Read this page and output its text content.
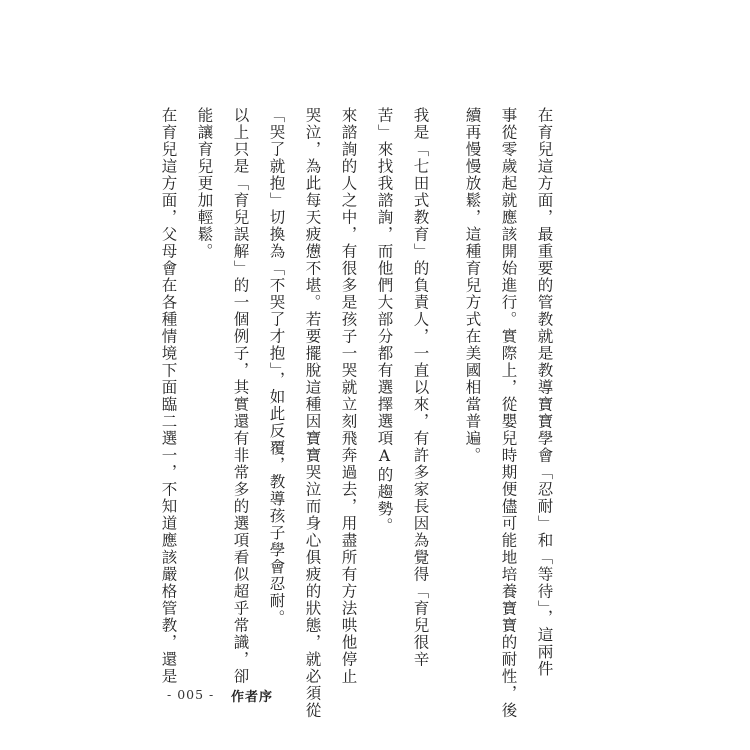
在育兒這方面，最重要的管教就是教導寶寶學會「忍耐」和「等待」，這兩件

事從零歲起就應該開始進行。實際上，從嬰兒時期便儘可能地培養寶寶的耐性，後

續再慢慢放鬆，這種育兒方式在美國相當普遍。

我是「七田式教育」的負責人，一直以來，有許多家長因為覺得「育兒很辛

苦」來找我諮詢，而他們大部分都有選擇選項A的趨勢。

來諮詢的人之中，有很多是孩子一哭就立刻飛奔過去，用盡所有方法哄他停止

哭泣，為此每天疲憊不堪。若要擺脫這種因寶寶哭泣而身心俱疲的狀態，就必須從

「哭了就抱」切換為「不哭了才抱」，如此反覆，教導孩子學會忍耐。

以上只是「育兒誤解」的一個例子，其實還有非常多的選項看似超乎常識，卻

能讓育兒更加輕鬆。

在育兒這方面，父母會在各種情境下面臨二選一，不知道應該嚴格管教，還是

- 005 - 作者序
